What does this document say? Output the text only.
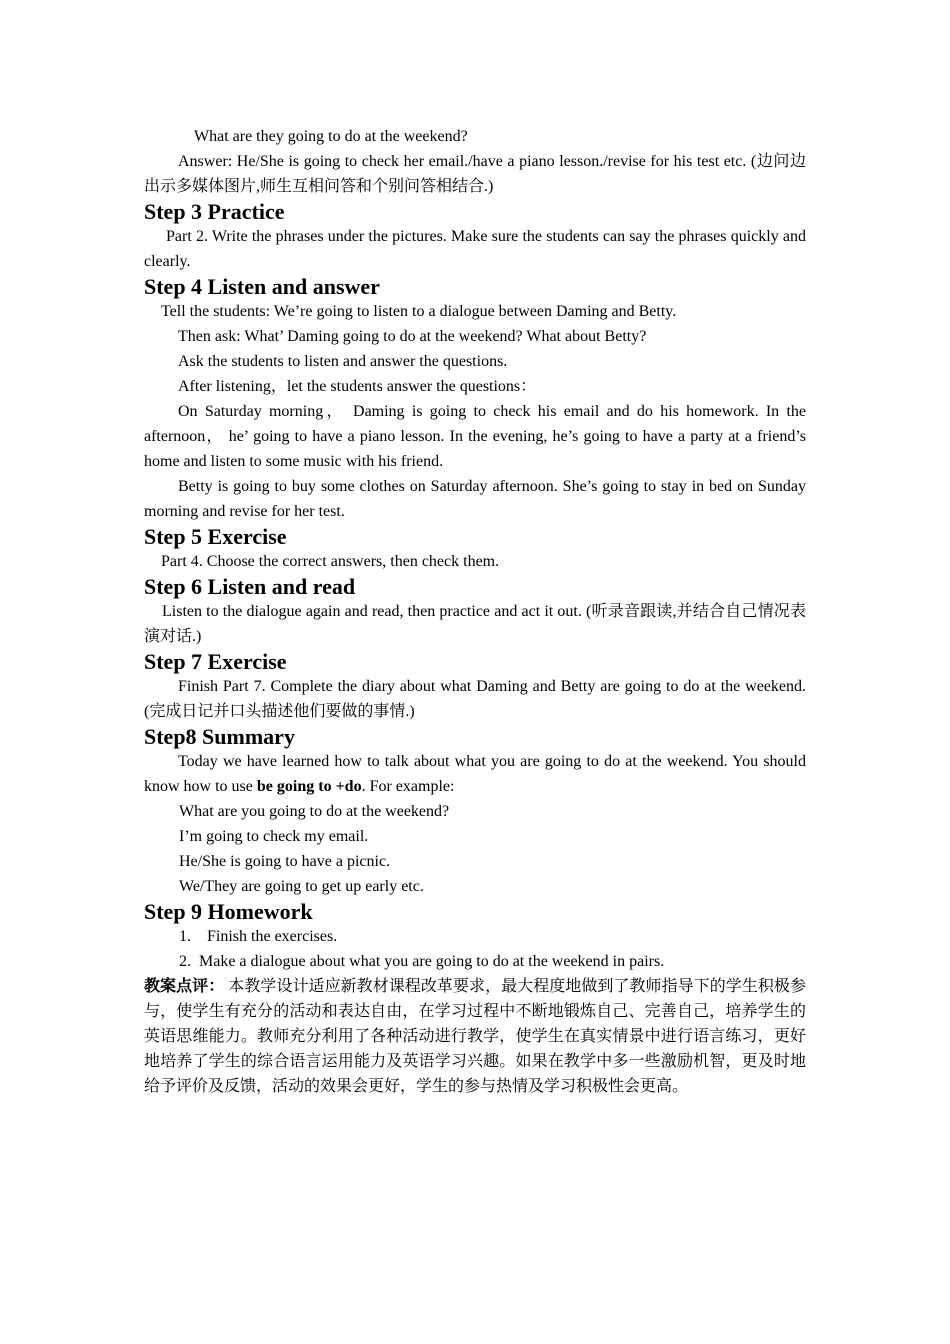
What are they going to do at the weekend?

Answer: He/She is going to check her email./have a piano lesson./revise for his test etc. (边问边出示多媒体图片,师生互相问答和个别问答相结合.)

Step 3 Practice

Part 2. Write the phrases under the pictures. Make sure the students can say the phrases quickly and clearly.

Step 4 Listen and answer

Tell the students: We’re going to listen to a dialogue between Daming and Betty.

Then ask: What’ Daming going to do at the weekend? What about Betty?

Ask the students to listen and answer the questions.

After listening，let the students answer the questions：

On Saturday morning， Daming is going to check his email and do his homework. In the afternoon， he’ going to have a piano lesson. In the evening, he’s going to have a party at a friend’s home and listen to some music with his friend.

Betty is going to buy some clothes on Saturday afternoon. She’s going to stay in bed on Sunday morning and revise for her test.

Step 5 Exercise

Part 4. Choose the correct answers, then check them.

Step 6 Listen and read

Listen to the dialogue again and read, then practice and act it out. (听录音跟读,并结合自己情况表演对话.)

Step 7 Exercise

Finish Part 7. Complete the diary about what Daming and Betty are going to do at the weekend. (完成日记并口头描述他们要做的事情.)

Step8 Summary

Today we have learned how to talk about what you are going to do at the weekend. You should know how to use be going to +do. For example:

What are you going to do at the weekend?

I’m going to check my email.

He/She is going to have a picnic.

We/They are going to get up early etc.

Step 9 Homework

1. Finish the exercises.

2. Make a dialogue about what you are going to do at the weekend in pairs.

教案点评： 本教学设计适应新教材课程改革要求，最大程度地做到了教师指导下的学生积极参与，使学生有充分的活动和表达自由，在学习过程中不断地锻炼自己、完善自己，培养学生的英语思维能力。教师充分利用了各种活动进行教学，使学生在真实情景中进行语言练习，更好地培养了学生的综合语言运用能力及英语学习兴趣。如果在教学中多一些激励机智，更及时地给予评价及反馈，活动的效果会更好，学生的参与热情及学习积极性会更高。
